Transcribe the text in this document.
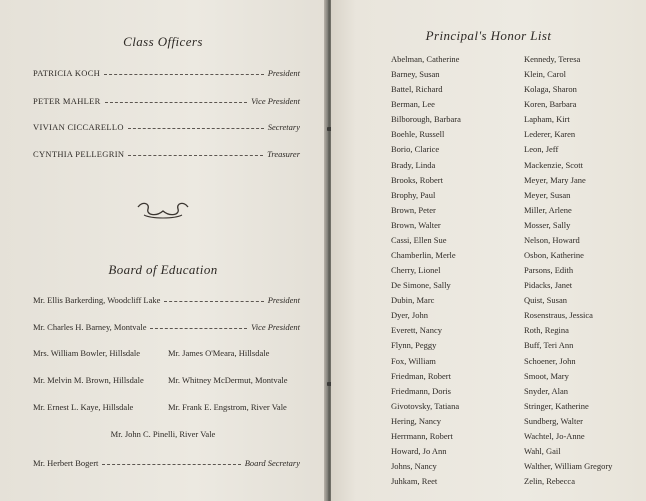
Class Officers
PATRICIA KOCH	President
PETER MAHLER	Vice President
VIVIAN CICCARELLO	Secretary
CYNTHIA PELLEGRIN	Treasurer
Board of Education
Mr. Ellis Barkerding, Woodcliff Lake	President
Mr. Charles H. Barney, Montvale	Vice President
Mrs. William Bowler, Hillsdale	Mr. James O'Meara, Hillsdale
Mr. Melvin M. Brown, Hillsdale	Mr. Whitney McDermut, Montvale
Mr. Ernest L. Kaye, Hillsdale	Mr. Frank E. Engstrom, River Vale
Mr. John C. Pinelli, River Vale
Mr. Herbert Bogert	Board Secretary
Principal's Honor List
Abelman, Catherine
Barney, Susan
Battel, Richard
Berman, Lee
Bilborough, Barbara
Boehle, Russell
Borio, Clarice
Brady, Linda
Brooks, Robert
Brophy, Paul
Brown, Peter
Brown, Walter
Cassi, Ellen Sue
Chamberlin, Merle
Cherry, Lionel
De Simone, Sally
Dubin, Marc
Dyer, John
Everett, Nancy
Flynn, Peggy
Fox, William
Friedman, Robert
Friedmann, Doris
Givotovsky, Tatiana
Hering, Nancy
Herrmann, Robert
Howard, Jo Ann
Johns, Nancy
Juhkam, Reet
Kennedy, Teresa
Klein, Carol
Kolaga, Sharon
Koren, Barbara
Lapham, Kirt
Lederer, Karen
Leon, Jeff
Mackenzie, Scott
Meyer, Mary Jane
Meyer, Susan
Miller, Arlene
Mosser, Sally
Nelson, Howard
Osbon, Katherine
Parsons, Edith
Pidacks, Janet
Quist, Susan
Rosenstraus, Jessica
Roth, Regina
Buff, Teri Ann
Schoener, John
Smoot, Mary
Snyder, Alan
Stringer, Katherine
Sundberg, Walter
Wachtel, Jo-Anne
Wahl, Gail
Walther, William Gregory
Zelin, Rebecca
